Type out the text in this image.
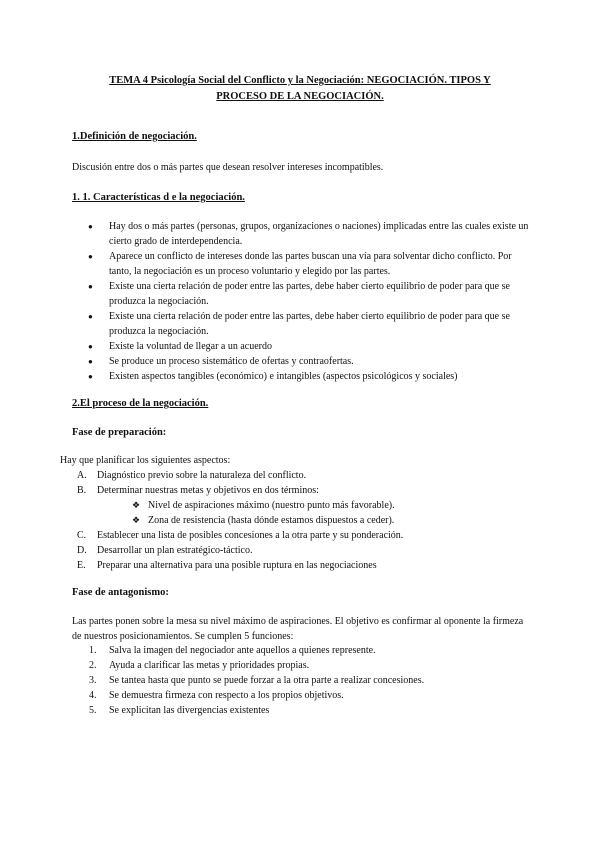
TEMA 4 Psicología Social del Conflicto y la Negociación: NEGOCIACIÓN. TIPOS Y
PROCESO DE LA NEGOCIACIÓN.
1.Definición de negociación.
Discusión entre dos o más partes que desean resolver intereses incompatibles.
1. 1. Características d e la negociación.
● Hay dos o más partes (personas, grupos, organizaciones o naciones) implicadas entre las cuales existe un cierto grado de interdependencia.
● Aparece un conflicto de intereses donde las partes buscan una vía para solventar dicho conflicto. Por tanto, la negociación es un proceso voluntario y elegido por las partes.
● Existe una cierta relación de poder entre las partes, debe haber cierto equilibrio de poder para que se produzca la negociación.
● Existe una cierta relación de poder entre las partes, debe haber cierto equilibrio de poder para que se produzca la negociación.
● Existe la voluntad de llegar a un acuerdo
● Se produce un proceso sistemático de ofertas y contraofertas.
● Existen aspectos tangibles (económico) e intangibles (aspectos psicológicos y sociales)
2.El proceso de la negociación.
Fase de preparación:
Hay que planificar los siguientes aspectos:
A. Diagnóstico previo sobre la naturaleza del conflicto.
B. Determinar nuestras metas y objetivos en dos términos:
❖ Nivel de aspiraciones máximo (nuestro punto más favorable).
❖ Zona de resistencia (hasta dónde estamos dispuestos a ceder).
C. Establecer una lista de posibles concesiones a la otra parte y su ponderación.
D. Desarrollar un plan estratégico-táctico.
E. Preparar una alternativa para una posible ruptura en las negociaciones
Fase de antagonismo:
Las partes ponen sobre la mesa su nivel máximo de aspiraciones. El objetivo es confirmar al oponente la firmeza de nuestros posicionamientos. Se cumplen 5 funciones:
1. Salva la imagen del negociador ante aquellos a quienes represente.
2. Ayuda a clarificar las metas y prioridades propias.
3. Se tantea hasta que punto se puede forzar a la otra parte a realizar concesiones.
4. Se demuestra firmeza con respecto a los propios objetivos.
5. Se explicitan las divergencias existentes
